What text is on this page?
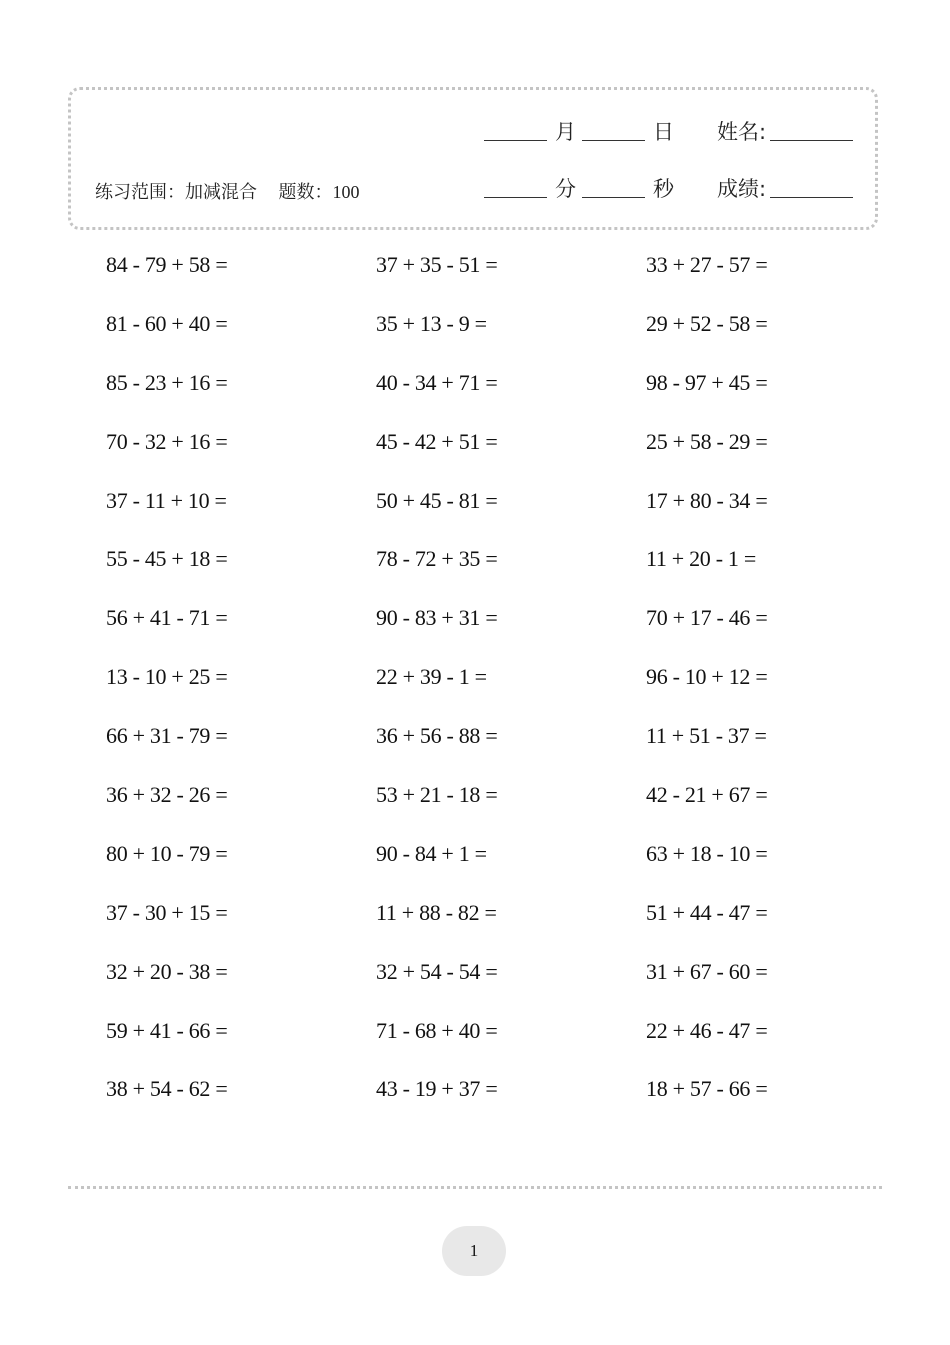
练习范围：加减混合 题数：100
月	日	姓名:
分	秒	成绩:
84 - 79 + 58 =	37 + 35 - 51 =	33 + 27 - 57 =
81 - 60 + 40 =	35 + 13 - 9 =	29 + 52 - 58 =
85 - 23 + 16 =	40 - 34 + 71 =	98 - 97 + 45 =
70 - 32 + 16 =	45 - 42 + 51 =	25 + 58 - 29 =
37 - 11 + 10 =	50 + 45 - 81 =	17 + 80 - 34 =
55 - 45 + 18 =	78 - 72 + 35 =	11 + 20 - 1 =
56 + 41 - 71 =	90 - 83 + 31 =	70 + 17 - 46 =
13 - 10 + 25 =	22 + 39 - 1 =	96 - 10 + 12 =
66 + 31 - 79 =	36 + 56 - 88 =	11 + 51 - 37 =
36 + 32 - 26 =	53 + 21 - 18 =	42 - 21 + 67 =
80 + 10 - 79 =	90 - 84 + 1 =	63 + 18 - 10 =
37 - 30 + 15 =	11 + 88 - 82 =	51 + 44 - 47 =
32 + 20 - 38 =	32 + 54 - 54 =	31 + 67 - 60 =
59 + 41 - 66 =	71 - 68 + 40 =	22 + 46 - 47 =
38 + 54 - 62 =	43 - 19 + 37 =	18 + 57 - 66 =
1
